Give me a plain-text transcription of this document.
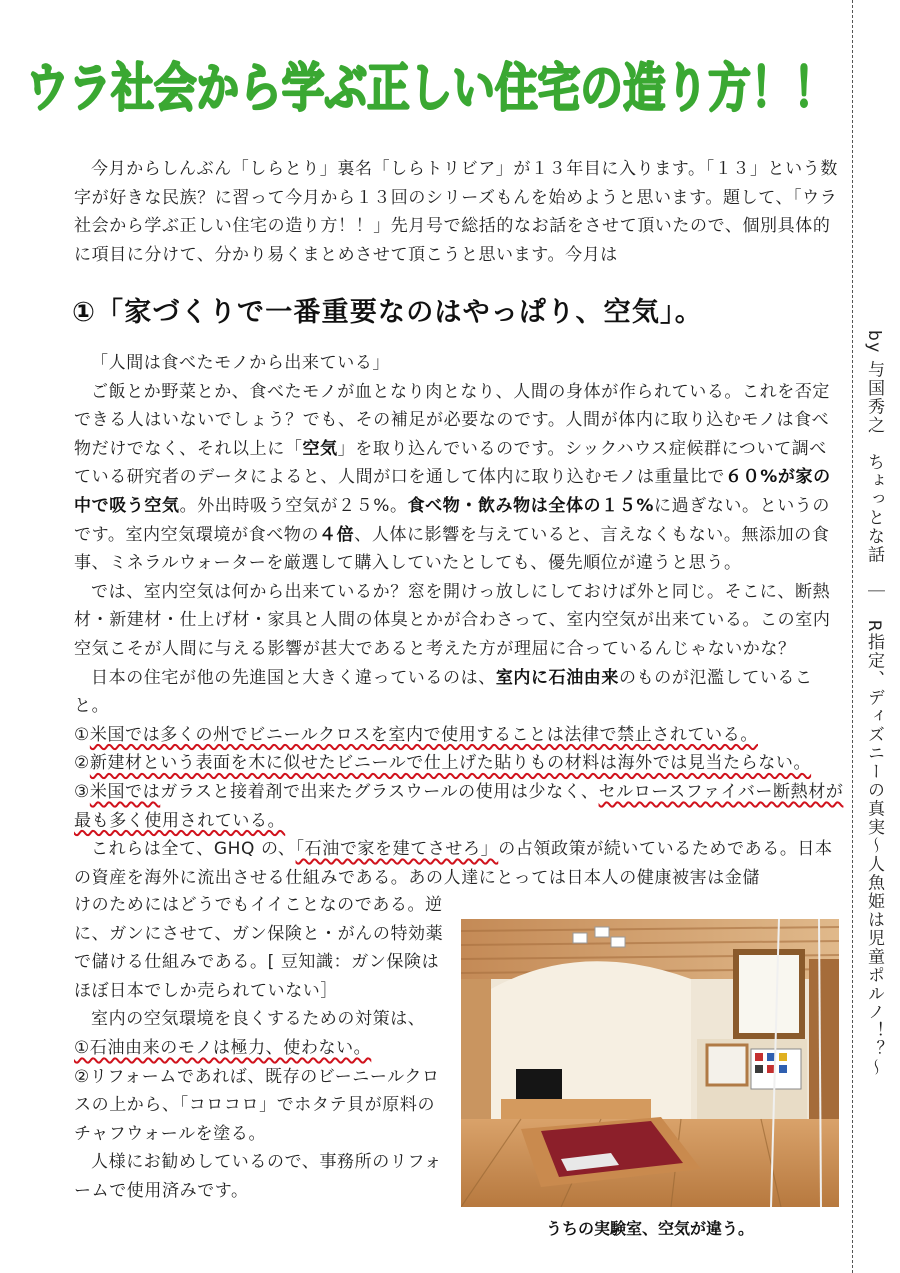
ウラ社会から学ぶ正しい住宅の造り方！！

今月からしんぶん「しらとり」裏名「しらトリビア」が１３年目に入ります。「１３」という数字が好きな民族？に習って今月から１３回のシリーズもんを始めようと思います。題して、「ウラ社会から学ぶ正しい住宅の造り方！！」先月号で総括的なお話をさせて頂いたので、個別具体的に項目に分けて、分かり易くまとめさせて頂こうと思います。今月は

①「家づくりで一番重要なのはやっぱり、空気」。

「人間は食べたモノから出来ている」

ご飯とか野菜とか、食べたモノが血となり肉となり、人間の身体が作られている。これを否定できる人はいないでしょう？でも、その補足が必要なのです。人間が体内に取り込むモノは食べ物だけでなく、それ以上に「空気」を取り込んでいるのです。シックハウス症候群について調べている研究者のデータによると、人間が口を通して体内に取り込むモノは重量比で６０%が家の中で吸う空気。外出時吸う空気が２５%。食べ物・飲み物は全体の１５%に過ぎない。というのです。室内空気環境が食べ物の４倍、人体に影響を与えていると、言えなくもない。無添加の食事、ミネラルウォーターを厳選して購入していたとしても、優先順位が違うと思う。

では、室内空気は何から出来ているか？窓を開けっ放しにしておけば外と同じ。そこに、断熱材・新建材・仕上げ材・家具と人間の体臭とかが合わさって、室内空気が出来ている。この室内空気こそが人間に与える影響が甚大であると考えた方が理屈に合っているんじゃないかな？

日本の住宅が他の先進国と大きく違っているのは、室内に石油由来のものが氾濫していること。

①米国では多くの州でビニールクロスを室内で使用することは法律で禁止されている。

②新建材という表面を木に似せたビニールで仕上げた貼りもの材料は海外では見当たらない。

③米国ではガラスと接着剤で出来たグラスウールの使用は少なく、セルロースファイバー断熱材が最も多く使用されている。

これらは全て、GHQ の、「石油で家を建てさせろ」の占領政策が続いているためである。日本の資産を海外に流出させる仕組みである。あの人達にとっては日本人の健康被害は金儲

けのためにはどうでもイイことなのである。逆に、ガンにさせて、ガン保険と・がんの特効薬で儲ける仕組みである。[ 豆知識：ガン保険はほぼ日本でしか売られていない］

室内の空気環境を良くするための対策は、

①石油由来のモノは極力、使わない。

②リフォームであれば、既存のビーニールクロスの上から、「コロコロ」でホタテ貝が原料のチャフウォールを塗る。

人様にお勧めしているので、事務所のリフォームで使用済みです。

うちの実験室、空気が違う。
by 与国秀之　ちょっとな話　｜　R指定、ディズニーの真実〜人魚姫は児童ポルノ！？〜
